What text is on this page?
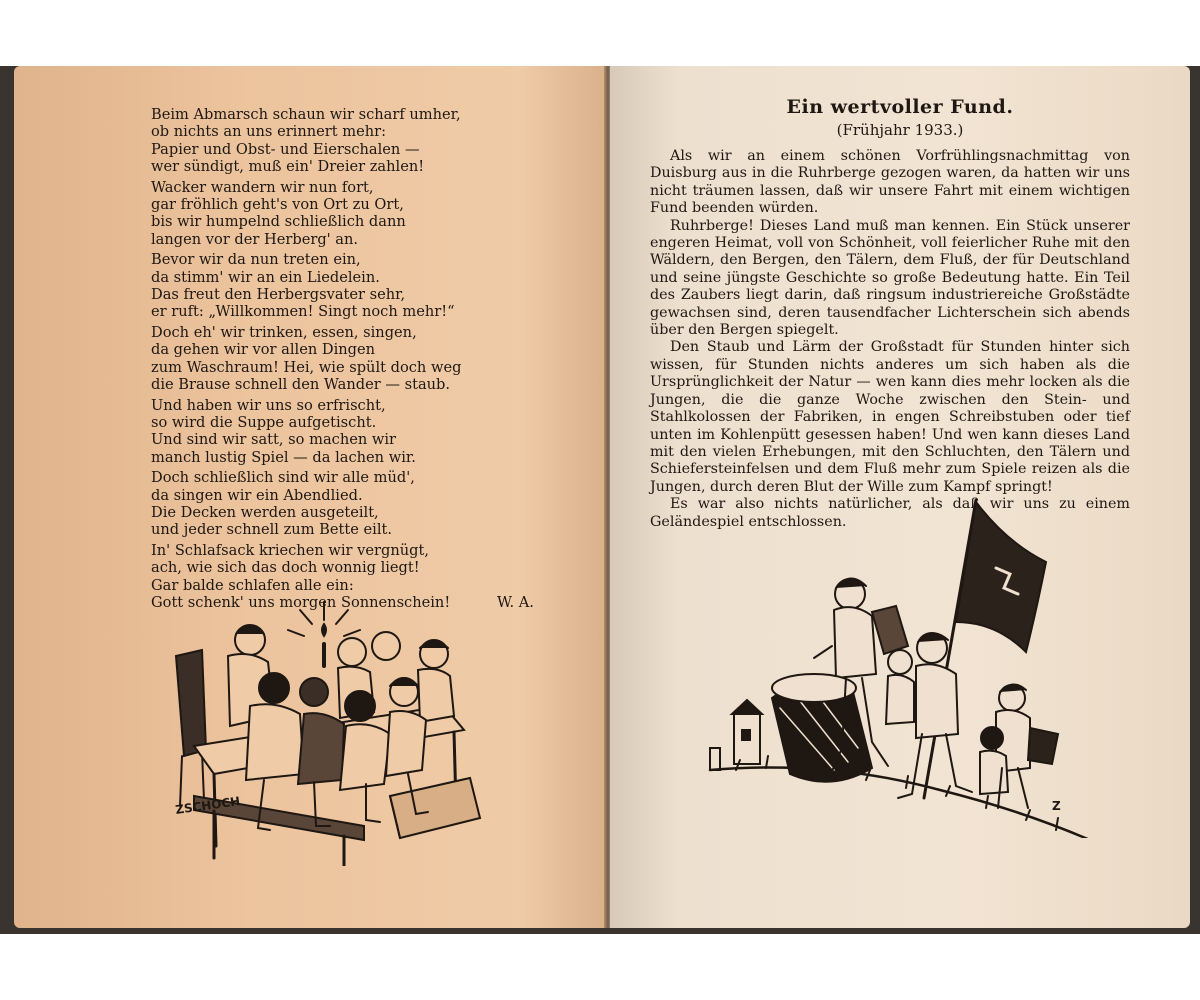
Beim Abmarsch schaun wir scharf umher,
ob nichts an uns erinnert mehr:
Papier und Obst- und Eierschalen —
wer sündigt, muß ein' Dreier zahlen!
Wacker wandern wir nun fort,
gar fröhlich geht's von Ort zu Ort,
bis wir humpelnd schließlich dann
langen vor der Herberg' an.
Bevor wir da nun treten ein,
da stimm' wir an ein Liedelein.
Das freut den Herbergsvater sehr,
er ruft: „Willkommen! Singt noch mehr!“
Doch eh' wir trinken, essen, singen,
da gehen wir vor allen Dingen
zum Waschraum! Hei, wie spült doch weg
die Brause schnell den Wander — staub.
Und haben wir uns so erfrischt,
so wird die Suppe aufgetischt.
Und sind wir satt, so machen wir
manch lustig Spiel — da lachen wir.
Doch schließlich sind wir alle müd',
da singen wir ein Abendlied.
Die Decken werden ausgeteilt,
und jeder schnell zum Bette eilt.
In' Schlafsack kriechen wir vergnügt,
ach, wie sich das doch wonnig liegt!
Gar balde schlafen alle ein:
Gott schenk' uns morgen Sonnenschein!	W. A.
ZSCHOCH
Ein wertvoller Fund.
(Frühjahr 1933.)

Als wir an einem schönen Vorfrühlingsnachmittag von Duisburg aus in die Ruhrberge gezogen waren, da hatten wir uns nicht träumen lassen, daß wir unsere Fahrt mit einem wichtigen Fund beenden würden.

Ruhrberge! Dieses Land muß man kennen. Ein Stück unserer engeren Heimat, voll von Schönheit, voll feierlicher Ruhe mit den Wäldern, den Bergen, den Tälern, dem Fluß, der für Deutschland und seine jüngste Geschichte so große Bedeutung hatte. Ein Teil des Zaubers liegt darin, daß ringsum industriereiche Großstädte gewachsen sind, deren tausendfacher Lichterschein sich abends über den Bergen spiegelt.

Den Staub und Lärm der Großstadt für Stunden hinter sich wissen, für Stunden nichts anderes um sich haben als die Ursprünglichkeit der Natur — wen kann dies mehr locken als die Jungen, die die ganze Woche zwischen den Stein- und Stahlkolossen der Fabriken, in engen Schreibstuben oder tief unten im Kohlenpütt gesessen haben! Und wen kann dieses Land mit den vielen Erhebungen, mit den Schluchten, den Tälern und Schiefersteinfelsen und dem Fluß mehr zum Spiele reizen als die Jungen, durch deren Blut der Wille zum Kampf springt!

Es war also nichts natürlicher, als daß wir uns zu einem Geländespiel entschlossen.

Z
